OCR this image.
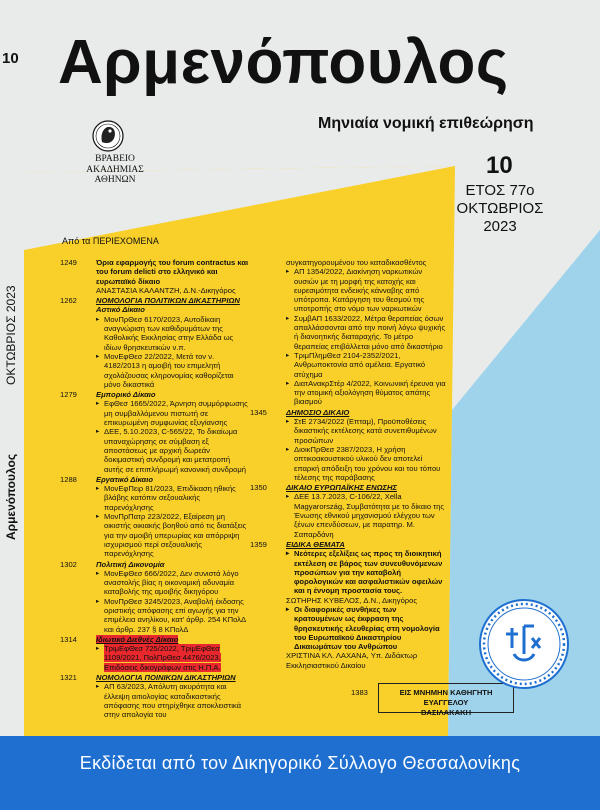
10
ΟΚΤΩΒΡΙΟΣ 2023
Αρμενόπουλος
Αρμενόπουλος
Μηνιαία νομική επιθεώρηση
ΒΡΑΒΕΙΟ
ΑΚΑΔΗΜΙΑΣ
ΑΘΗΝΩΝ
10
ΕΤΟΣ 77ο
ΟΚΤΩΒΡΙΟΣ
2023
Από τα ΠΕΡΙΕΧΟΜΕΝΑ
1249	Όρια εφαρμογής του forum contractus και του forum delicti στο ελληνικό και ευρωπαϊκό δίκαιο
ΑΝΑΣΤΑΣΙΑ ΚΑΛΑΝΤΖΗ, Δ.Ν.-Δικηγόρος
1262	ΝΟΜΟΛΟΓΙΑ ΠΟΛΙΤΙΚΩΝ ΔΙΚΑΣΤΗΡΙΩΝ
Αστικό Δίκαιο
▸ ΜονΠρΘεσ 6170/2023, Αυτοδίκαιη αναγνώριση των καθιδρυμάτων της Καθολικής Εκκλησίας στην Ελλάδα ως ιδίων θρησκευτικών ν.π.
▸ ΜονΕφΘεσ 22/2022, Μετά τον ν. 4182/2013 η αμοιβή του επιμελητή σχολάζουσας κληρονομίας καθορίζεται μόνο δικαστικά
1279	Εμπορικό Δίκαιο
▸ ΕφΘεσ 1665/2022, Άρνηση συμμόρφωσης μη συμβαλλόμενου πιστωτή σε επικυρωμένη συμφωνίας εξυγίανσης
▸ ΔΕΕ, 5.10.2023, C-565/22, Το δικαίωμα υπαναχώρησης σε σύμβαση εξ αποστάσεως με αρχική δωρεάν δοκιμαστική συνδρομή και μετατροπή αυτής σε επιπλήρωμή κανονική συνδρομή
1288	Εργατικό Δίκαιο
▸ ΜονΕφΠειρ 81/2023, Επιδίκαση ηθικής βλάβης κατόπιν σεξουαλικής παρενόχλησης
▸ ΜονΠρΠατρ 223/2022, Εξαίρεση μη οικιστής οικιακής βοηθού από τις διατάξεις για την αμοιβή υπερωρίας και απόρριψη ισχυρισμού περί σεξουαλικής παρενόχλησης
1302	Πολιτική Δικονομία
▸ ΜονΕφΘεσ 666/2022, Δεν συνιστά λόγο αναστολής βίας η οικονομική αδυναμία καταβολής της αμοιβής δικηγόρου
▸ ΜονΠρΘεσ 3245/2023, Αναβολή έκδοσης οριστικής απόφασης επί αγωγής για την επιμέλεια ανηλίκου, κατ' άρθρ. 254 ΚΠολΔ και άρθρ. 237 § 8 ΚΠολΔ
1314	Ιδιωτικό Διεθνές Δίκαιο
▸ ΤριμΕφΘεσ 725/2022, ΤριμΕφΘεσ 1109/2021, ΠολΠρΘεσ 4476/2023, Επιδόσεις δικογράφων στις Η.Π.Α.
1321	ΝΟΜΟΛΟΓΙΑ ΠΟΙΝΙΚΩΝ ΔΙΚΑΣΤΗΡΙΩΝ
▸ ΑΠ 63/2023, Απόλυτη ακυρότητα και έλλειψη αιτιολογίας καταδικαστικής απόφασης που στηρίχθηκε αποκλειστικά στην απολογία του
συγκατηγορουμένου του καταδικασθέντος
▸ ΑΠ 1354/2022, Διακίνηση ναρκωτικών ουσιών με τη μορφή της κατοχής και ευρεσιμότητα ενδεικής κάνναβης από υπότροπα. Κατάργηση του θεσμού της υποτροπής στο νόμο των ναρκωτικών
▸ ΣυμβΑΠ 1633/2022, Μέτρα θεραπείας όσων απαλλάσσονται από την ποινή λόγω ψυχικής ή διανοητικής διαταραχής. Το μέτρο θεραπείας επιβάλλεται μόνο από δικαστήριο
▸ ΤριμΠλημΘεσ 2104-2352/2021, Ανθρωποκτονία από αμέλεια. Εργατικό ατύχημα
▸ ΔιατΑνακρΣτέρ 4/2022, Κοινωνική έρευνα για την ατομική αξιολόγηση θύματος απάτης βιασμού
1345	ΔΗΜΟΣΙΟ ΔΙΚΑΙΟ
▸ ΣτΕ 2734/2022 (Επταμ), Προϋποθέσεις δικαστικής εκτέλεσης κατά συνεπιθυμένων προσώπων
▸ ΔιοικΠρΘεσ 2387/2023, Η χρήση οπτικοακουστικού υλικού δεν αποτελεί επαρκή απόδειξη του χρόνου και του τόπου τέλεσης της παράβασης
1350	ΔΙΚΑΙΟ ΕΥΡΩΠΑΪΚΗΣ ΕΝΩΣΗΣ
▸ ΔΕΕ 13.7.2023, C-106/22, Xella Magyarország, Συμβατότητα με το δίκαιο της Ένωσης εθνικού μηχανισμού ελέγχου των ξένων επενδύσεων, με παρατηρ. Μ. Σαπαρδάνη
1359	ΕΙΔΙΚΑ ΘΕΜΑΤΑ
▸ Νεότερες εξελίξεις ως προς τη διοικητική εκτέλεση σε βάρος των συνευθυνόμενων προσώπων για την καταβολή φορολογικών και ασφαλιστικών οφειλών και η έννομη προστασία τους.
ΣΩΤΗΡΗΣ ΚΥΒΕΛΟΣ, Δ.Ν., Δικηγόρος
▸ Οι διαφορικές συνθήκες των κρατουμένων ως έκφραση της θρησκευτικής ελευθερίας στη νομολογία του Ευρωπαϊκού Δικαστηρίου Δικαιωμάτων του Ανθρώπου
ΧΡΙΣΤΙΝΑ ΚΛ. ΛΑΧΑΝΑ, Υπ. Διδάκτωρ Εκκλησιαστικού Δικαίου
1383	ΕΙΣ ΜΝΗΜΗΝ ΚΑΘΗΓΗΤΗ ΕΥΑΓΓΕΛΟΥ
ΒΑΣΙΛΑΚΑΚΗ
Εκδίδεται από τον Δικηγορικό Σύλλογο Θεσσαλονίκης
